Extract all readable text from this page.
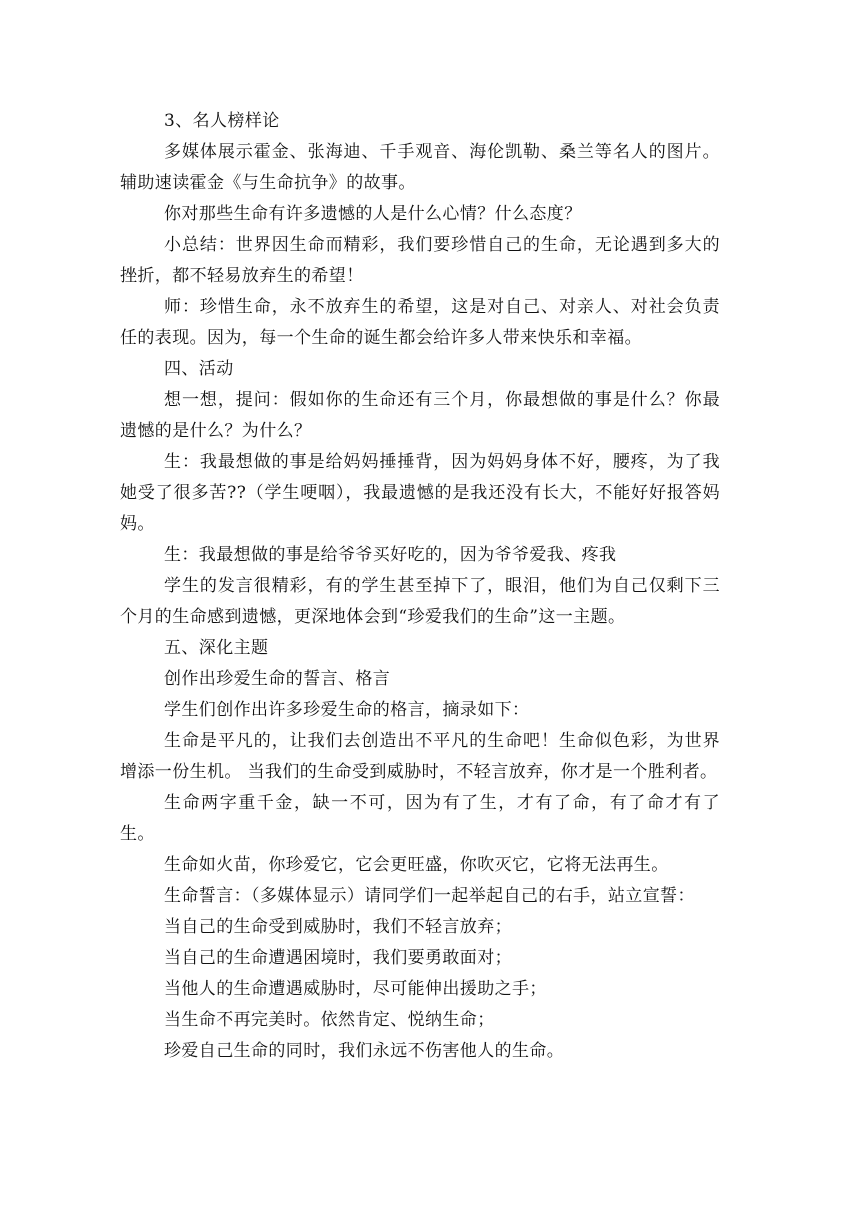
3、名人榜样论

多媒体展示霍金、张海迪、千手观音、海伦凯勒、桑兰等名人的图片。辅助速读霍金《与生命抗争》的故事。

你对那些生命有许多遗憾的人是什么心情？什么态度？

小总结：世界因生命而精彩，我们要珍惜自己的生命，无论遇到多大的挫折，都不轻易放弃生的希望！

师：珍惜生命，永不放弃生的希望，这是对自己、对亲人、对社会负责任的表现。因为，每一个生命的诞生都会给许多人带来快乐和幸福。

四、活动

想一想，提问：假如你的生命还有三个月，你最想做的事是什么？你最遗憾的是什么？为什么？

生：我最想做的事是给妈妈捶捶背，因为妈妈身体不好，腰疼，为了我她受了很多苦??（学生哽咽），我最遗憾的是我还没有长大，不能好好报答妈妈。

生：我最想做的事是给爷爷买好吃的，因为爷爷爱我、疼我

学生的发言很精彩，有的学生甚至掉下了，眼泪，他们为自己仅剩下三个月的生命感到遗憾，更深地体会到“珍爱我们的生命”这一主题。

五、深化主题

创作出珍爱生命的誓言、格言

学生们创作出许多珍爱生命的格言，摘录如下：

生命是平凡的，让我们去创造出不平凡的生命吧！生命似色彩，为世界增添一份生机。 当我们的生命受到威胁时，不轻言放弃，你才是一个胜利者。

生命两字重千金，缺一不可，因为有了生，才有了命，有了命才有了生。

生命如火苗，你珍爱它，它会更旺盛，你吹灭它，它将无法再生。

生命誓言：（多媒体显示）请同学们一起举起自己的右手，站立宣誓：

当自己的生命受到威胁时，我们不轻言放弃；

当自己的生命遭遇困境时，我们要勇敢面对；

当他人的生命遭遇威胁时，尽可能伸出援助之手；

当生命不再完美时。依然肯定、悦纳生命；

珍爱自己生命的同时，我们永远不伤害他人的生命。
